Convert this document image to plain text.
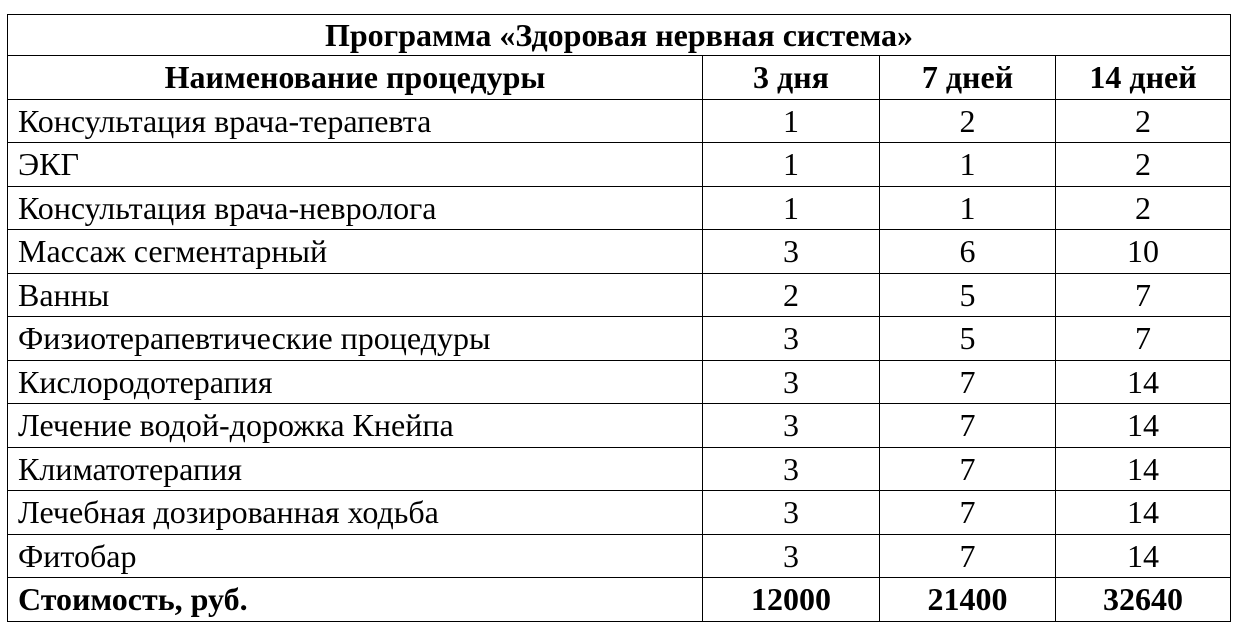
Программа «Здоровая нервная система»			
Наименование процедуры	3 дня	7 дней	14 дней
Консультация врача-терапевта	1	2	2
ЭКГ	1	1	2
Консультация врача-невролога	1	1	2
Массаж сегментарный	3	6	10
Ванны	2	5	7
Физиотерапевтические процедуры	3	5	7
Кислородотерапия	3	7	14
Лечение водой-дорожка Кнейпа	3	7	14
Климатотерапия	3	7	14
Лечебная дозированная ходьба	3	7	14
Фитобар	3	7	14
Стоимость, руб.	12000	21400	32640
